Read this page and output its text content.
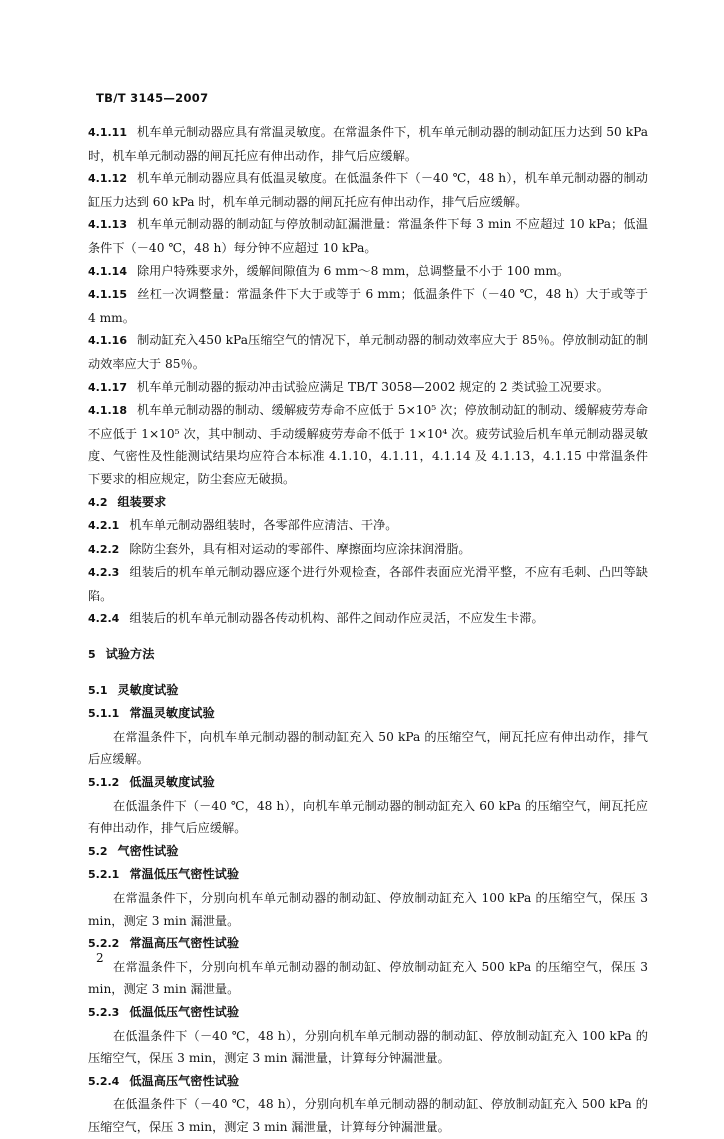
TB/T 3145—2007

4.1.11 机车单元制动器应具有常温灵敏度。在常温条件下，机车单元制动器的制动缸压力达到 50 kPa 时，机车单元制动器的闸瓦托应有伸出动作，排气后应缓解。

4.1.12 机车单元制动器应具有低温灵敏度。在低温条件下（－40 ℃，48 h），机车单元制动器的制动缸压力达到 60 kPa 时，机车单元制动器的闸瓦托应有伸出动作，排气后应缓解。

4.1.13 机车单元制动器的制动缸与停放制动缸漏泄量：常温条件下每 3 min 不应超过 10 kPa；低温条件下（－40 ℃，48 h）每分钟不应超过 10 kPa。

4.1.14 除用户特殊要求外，缓解间隙值为 6 mm～8 mm，总调整量不小于 100 mm。

4.1.15 丝杠一次调整量：常温条件下大于或等于 6 mm；低温条件下（－40 ℃，48 h）大于或等于 4 mm。

4.1.16 制动缸充入450 kPa压缩空气的情况下，单元制动器的制动效率应大于 85％。停放制动缸的制动效率应大于 85％。

4.1.17 机车单元制动器的振动冲击试验应满足 TB/T 3058—2002 规定的 2 类试验工况要求。

4.1.18 机车单元制动器的制动、缓解疲劳寿命不应低于 5×10⁵ 次；停放制动缸的制动、缓解疲劳寿命不应低于 1×10⁵ 次，其中制动、手动缓解疲劳寿命不低于 1×10⁴ 次。疲劳试验后机车单元制动器灵敏度、气密性及性能测试结果均应符合本标准 4.1.10，4.1.11，4.1.14 及 4.1.13，4.1.15 中常温条件下要求的相应规定，防尘套应无破损。

4.2 组装要求

4.2.1 机车单元制动器组装时，各零部件应清洁、干净。

4.2.2 除防尘套外，具有相对运动的零部件、摩擦面均应涂抹润滑脂。

4.2.3 组装后的机车单元制动器应逐个进行外观检查，各部件表面应光滑平整，不应有毛刺、凸凹等缺陷。

4.2.4 组装后的机车单元制动器各传动机构、部件之间动作应灵活，不应发生卡滞。

5 试验方法

5.1 灵敏度试验

5.1.1 常温灵敏度试验

在常温条件下，向机车单元制动器的制动缸充入 50 kPa 的压缩空气，闸瓦托应有伸出动作，排气后应缓解。

5.1.2 低温灵敏度试验

在低温条件下（－40 ℃，48 h），向机车单元制动器的制动缸充入 60 kPa 的压缩空气，闸瓦托应有伸出动作，排气后应缓解。

5.2 气密性试验

5.2.1 常温低压气密性试验

在常温条件下，分别向机车单元制动器的制动缸、停放制动缸充入 100 kPa 的压缩空气，保压 3 min，测定 3 min 漏泄量。

5.2.2 常温高压气密性试验

在常温条件下，分别向机车单元制动器的制动缸、停放制动缸充入 500 kPa 的压缩空气，保压 3 min，测定 3 min 漏泄量。

5.2.3 低温低压气密性试验

在低温条件下（－40 ℃，48 h），分别向机车单元制动器的制动缸、停放制动缸充入 100 kPa 的压缩空气，保压 3 min，测定 3 min 漏泄量，计算每分钟漏泄量。

5.2.4 低温高压气密性试验

在低温条件下（－40 ℃，48 h），分别向机车单元制动器的制动缸、停放制动缸充入 500 kPa 的压缩空气，保压 3 min，测定 3 min 漏泄量，计算每分钟漏泄量。

2
